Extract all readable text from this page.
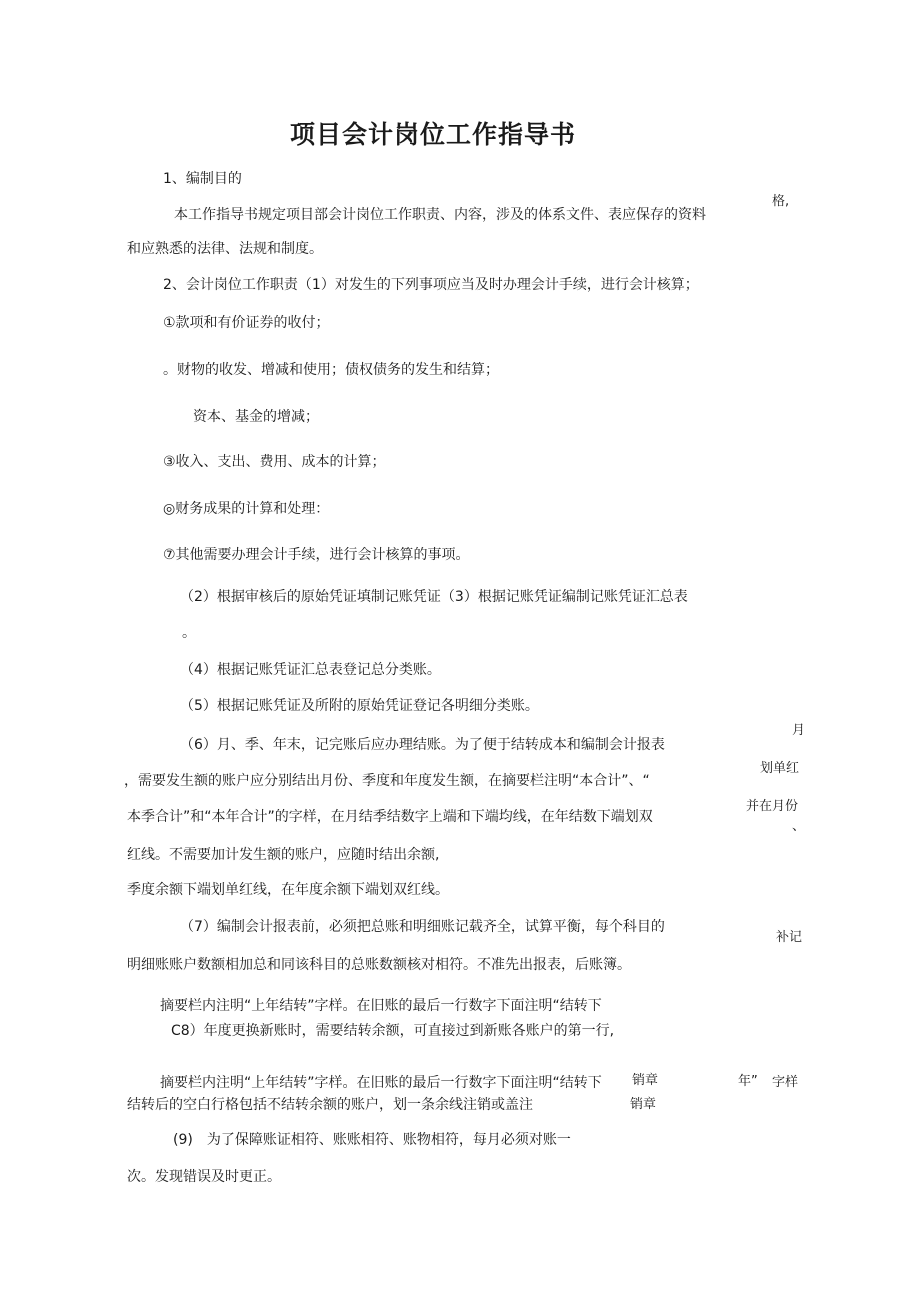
项目会计岗位工作指导书
1、编制目的
本工作指导书规定项目部会计岗位工作职责、内容，涉及的体系文件、表应保存的资料
和应熟悉的法律、法规和制度。
2、会计岗位工作职责（1）对发生的下列事项应当及时办理会计手续，进行会计核算；
①款项和有价证券的收付；
。财物的收发、增减和使用；债权债务的发生和结算；
资本、基金的增减；
③收入、支出、费用、成本的计算；
◎财务成果的计算和处理：
⑦其他需要办理会计手续，进行会计核算的事项。
（2）根据审核后的原始凭证填制记账凭证（3）根据记账凭证编制记账凭证汇总表
。
（4）根据记账凭证汇总表登记总分类账。
（5）根据记账凭证及所附的原始凭证登记各明细分类账。
（6）月、季、年末，记完账后应办理结账。为了便于结转成本和编制会计报表
，需要发生额的账户应分别结出月份、季度和年度发生额，在摘要栏注明“本合计”、“
本季合计”和“本年合计”的字样，在月结季结数字上端和下端均线，在年结数下端划双
红线。不需要加计发生额的账户，应随时结出余额,
季度余额下端划单红线，在年度余额下端划双红线。
（7）编制会计报表前，必须把总账和明细账记载齐全，试算平衡，每个科目的
明细账账户数额相加总和同该科目的总账数额核对相符。不准先出报表，后账簿。
摘要栏内注明“上年结转”字样。在旧账的最后一行数字下面注明“结转下
C8）年度更换新账时，需要结转余额，可直接过到新账各账户的第一行,
摘要栏内注明“上年结转”字样。在旧账的最后一行数字下面注明“结转下
结转后的空白行格包括不结转余额的账户，划一条余线注销或盖注
(9)　为了保障账证相符、账账相符、账物相符，每月必须对账一
次。发现错误及时更正。
格,
月
划单红
并在月份
、
补记
销章	年” 字样
销章
